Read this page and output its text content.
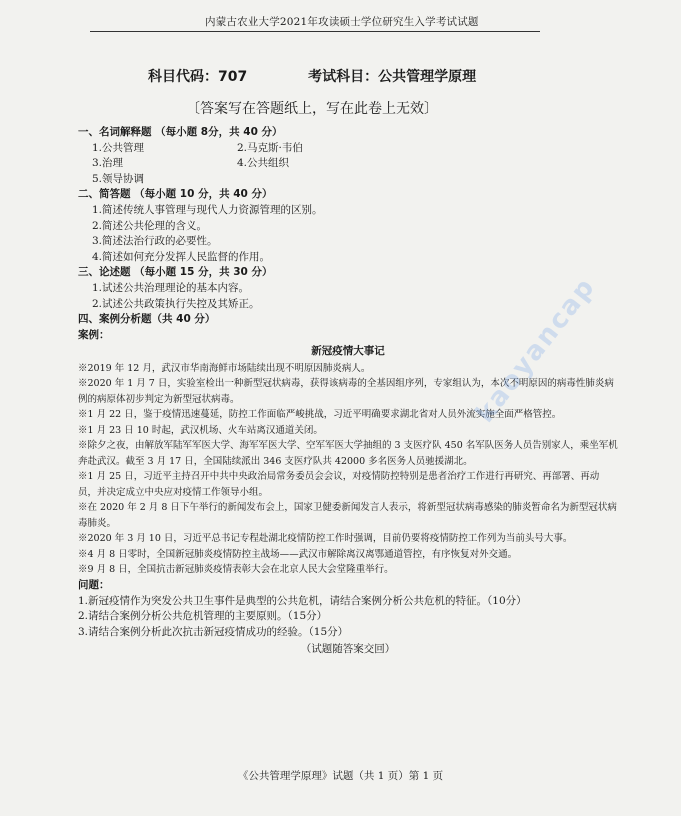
内蒙古农业大学2021年攻读硕士学位研究生入学考试试题
科目代码：707	考试科目：公共管理学原理
〔答案写在答题纸上，写在此卷上无效〕
一、名词解释题 （每小题 8分，共 40 分）
1.公共管理	2.马克斯·韦伯
3.治理	4.公共组织
5.领导协调
二、简答题 （每小题 10 分，共 40 分）
1.简述传统人事管理与现代人力资源管理的区别。
2.简述公共伦理的含义。
3.简述法治行政的必要性。
4.简述如何充分发挥人民监督的作用。
三、论述题 （每小题 15 分，共 30 分）
1.试述公共治理理论的基本内容。
2.试述公共政策执行失控及其矫正。
四、案例分析题（共 40 分）
案例：
新冠疫情大事记
※2019 年 12 月，武汉市华南海鲜市场陆续出现不明原因肺炎病人。
※2020 年 1 月 7 日，实验室检出一种新型冠状病毒，获得该病毒的全基因组序列，专家组认为，本次不明原因的病毒性肺炎病例的病原体初步判定为新型冠状病毒。
※1 月 22 日，鉴于疫情迅速蔓延，防控工作面临严峻挑战，习近平明确要求湖北省对人员外流实施全面严格管控。
※1 月 23 日 10 时起，武汉机场、火车站离汉通道关闭。
※除夕之夜，由解放军陆军军医大学、海军军医大学、空军军医大学抽组的 3 支医疗队 450 名军队医务人员告别家人，乘坐军机奔赴武汉。截至 3 月 17 日，全国陆续派出 346 支医疗队共 42000 多名医务人员驰援湖北。
※1 月 25 日，习近平主持召开中共中央政治局常务委员会会议，对疫情防控特别是患者治疗工作进行再研究、再部署、再动员，并决定成立中央应对疫情工作领导小组。
※在 2020 年 2 月 8 日下午举行的新闻发布会上，国家卫健委新闻发言人表示，将新型冠状病毒感染的肺炎暂命名为新型冠状病毒肺炎。
※2020 年 3 月 10 日，习近平总书记专程赴湖北疫情防控工作时强调，目前仍要将疫情防控工作列为当前头号大事。
※4 月 8 日零时，全国新冠肺炎疫情防控主战场——武汉市解除离汉离鄂通道管控，有序恢复对外交通。
※9 月 8 日，全国抗击新冠肺炎疫情表彰大会在北京人民大会堂隆重举行。
问题：
1.新冠疫情作为突发公共卫生事件是典型的公共危机，请结合案例分析公共危机的特征。（10分）
2.请结合案例分析公共危机管理的主要原则。（15分）
3.请结合案例分析此次抗击新冠疫情成功的经验。（15分）
（试题随答案交回）
《公共管理学原理》试题（共 1 页）第 1 页
kaoyancap
